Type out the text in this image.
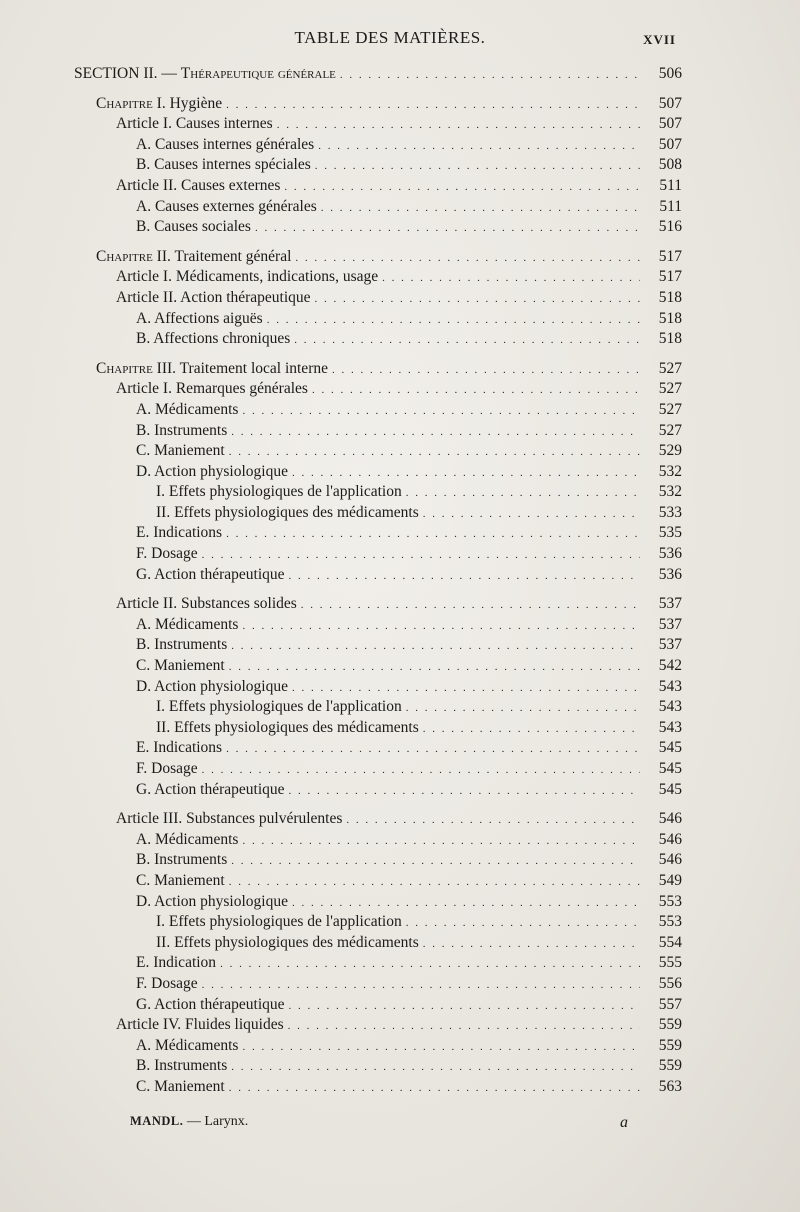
TABLE DES MATIÈRES.	XVII
SECTION II. — Thérapeutique générale . . .	506
Chapitre I. Hygiène . . .	507
Article I. Causes internes . . .	507
A. Causes internes générales . . .	507
B. Causes internes spéciales . . .	508
Article II. Causes externes . . .	511
A. Causes externes générales . . .	511
B. Causes sociales . . .	516
Chapitre II. Traitement général . . .	517
Article I. Médicaments, indications, usage . . .	517
Article II. Action thérapeutique . . .	518
A. Affections aiguës . . .	518
B. Affections chroniques . . .	518
Chapitre III. Traitement local interne . . .	527
Article I. Remarques générales . . .	527
A. Médicaments . . .	527
B. Instruments . . .	527
C. Maniement . . .	529
D. Action physiologique . . .	532
I. Effets physiologiques de l'application . . .	532
II. Effets physiologiques des médicaments . . .	533
E. Indications . . .	535
F. Dosage . . .	536
G. Action thérapeutique . . .	536
Article II. Substances solides . . .	537
A. Médicaments . . .	537
B. Instruments . . .	537
C. Maniement . . .	542
D. Action physiologique . . .	543
I. Effets physiologiques de l'application . . .	543
II. Effets physiologiques des médicaments . . .	543
E. Indications . . .	545
F. Dosage . . .	545
G. Action thérapeutique . . .	545
Article III. Substances pulvérulentes . . .	546
A. Médicaments . . .	546
B. Instruments . . .	546
C. Maniement . . .	549
D. Action physiologique . . .	553
I. Effets physiologiques de l'application . . .	553
II. Effets physiologiques des médicaments . . .	554
E. Indication . . .	555
F. Dosage . . .	556
G. Action thérapeutique . . .	557
Article IV. Fluides liquides . . .	559
A. Médicaments . . .	559
B. Instruments . . .	559
C. Maniement . . .	563
MANDL. — Larynx.	a
